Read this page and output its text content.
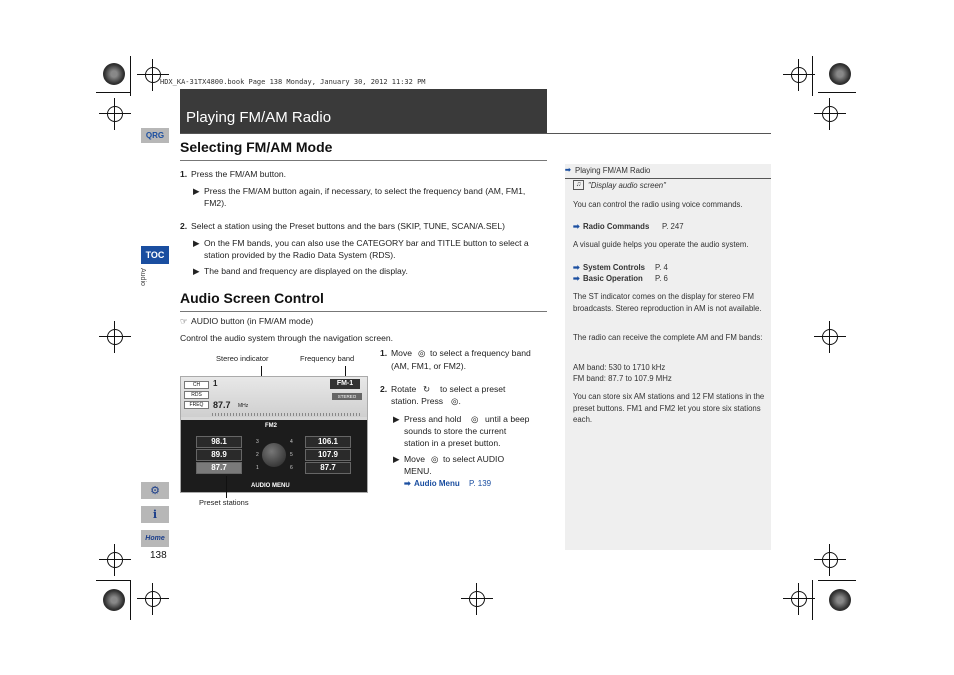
HDX_KA-31TX4800.book Page 138 Monday, January 30, 2012 11:32 PM
Playing FM/AM Radio
QRG
TOC
Audio
⚙
i
Home
138
Selecting FM/AM Mode
1. Press the FM/AM button.
▶ Press the FM/AM button again, if necessary, to select the frequency band (AM, FM1, FM2).
2. Select a station using the Preset buttons and the bars (SKIP, TUNE, SCAN/A.SEL)
▶ On the FM bands, you can also use the CATEGORY bar and TITLE button to select a station provided by the Radio Data System (RDS).
▶ The band and frequency are displayed on the display.
Audio Screen Control
☞ AUDIO button (in FM/AM mode)
Control the audio system through the navigation screen.
Stereo indicator	Frequency band
CH
RDS
FREQ
1
87.7 MHz
FM-1
STEREO
FM2
98.1
89.9
87.7
106.1
107.9
87.7
3	4
2	5
1	6
AUDIO MENU
Preset stations
1. Move ◎ to select a frequency band
(AM, FM1, or FM2).
2. Rotate ↻ to select a preset
station. Press ◎.
▶ Press and hold ◎ until a beep
sounds to store the current
station in a preset button.
▶ Move ◎ to select AUDIO
MENU.
➡ Audio Menu P. 139
➡ Playing FM/AM Radio
♫ "Display audio screen"
You can control the radio using voice commands.
➡ Radio Commands P. 247
A visual guide helps you operate the audio system.
➡ System Controls P. 4
➡ Basic Operation P. 6
The ST indicator comes on the display for stereo FM broadcasts. Stereo reproduction in AM is not available.
The radio can receive the complete AM and FM bands:
AM band: 530 to 1710 kHz
FM band: 87.7 to 107.9 MHz
You can store six AM stations and 12 FM stations in the preset buttons. FM1 and FM2 let you store six stations each.
